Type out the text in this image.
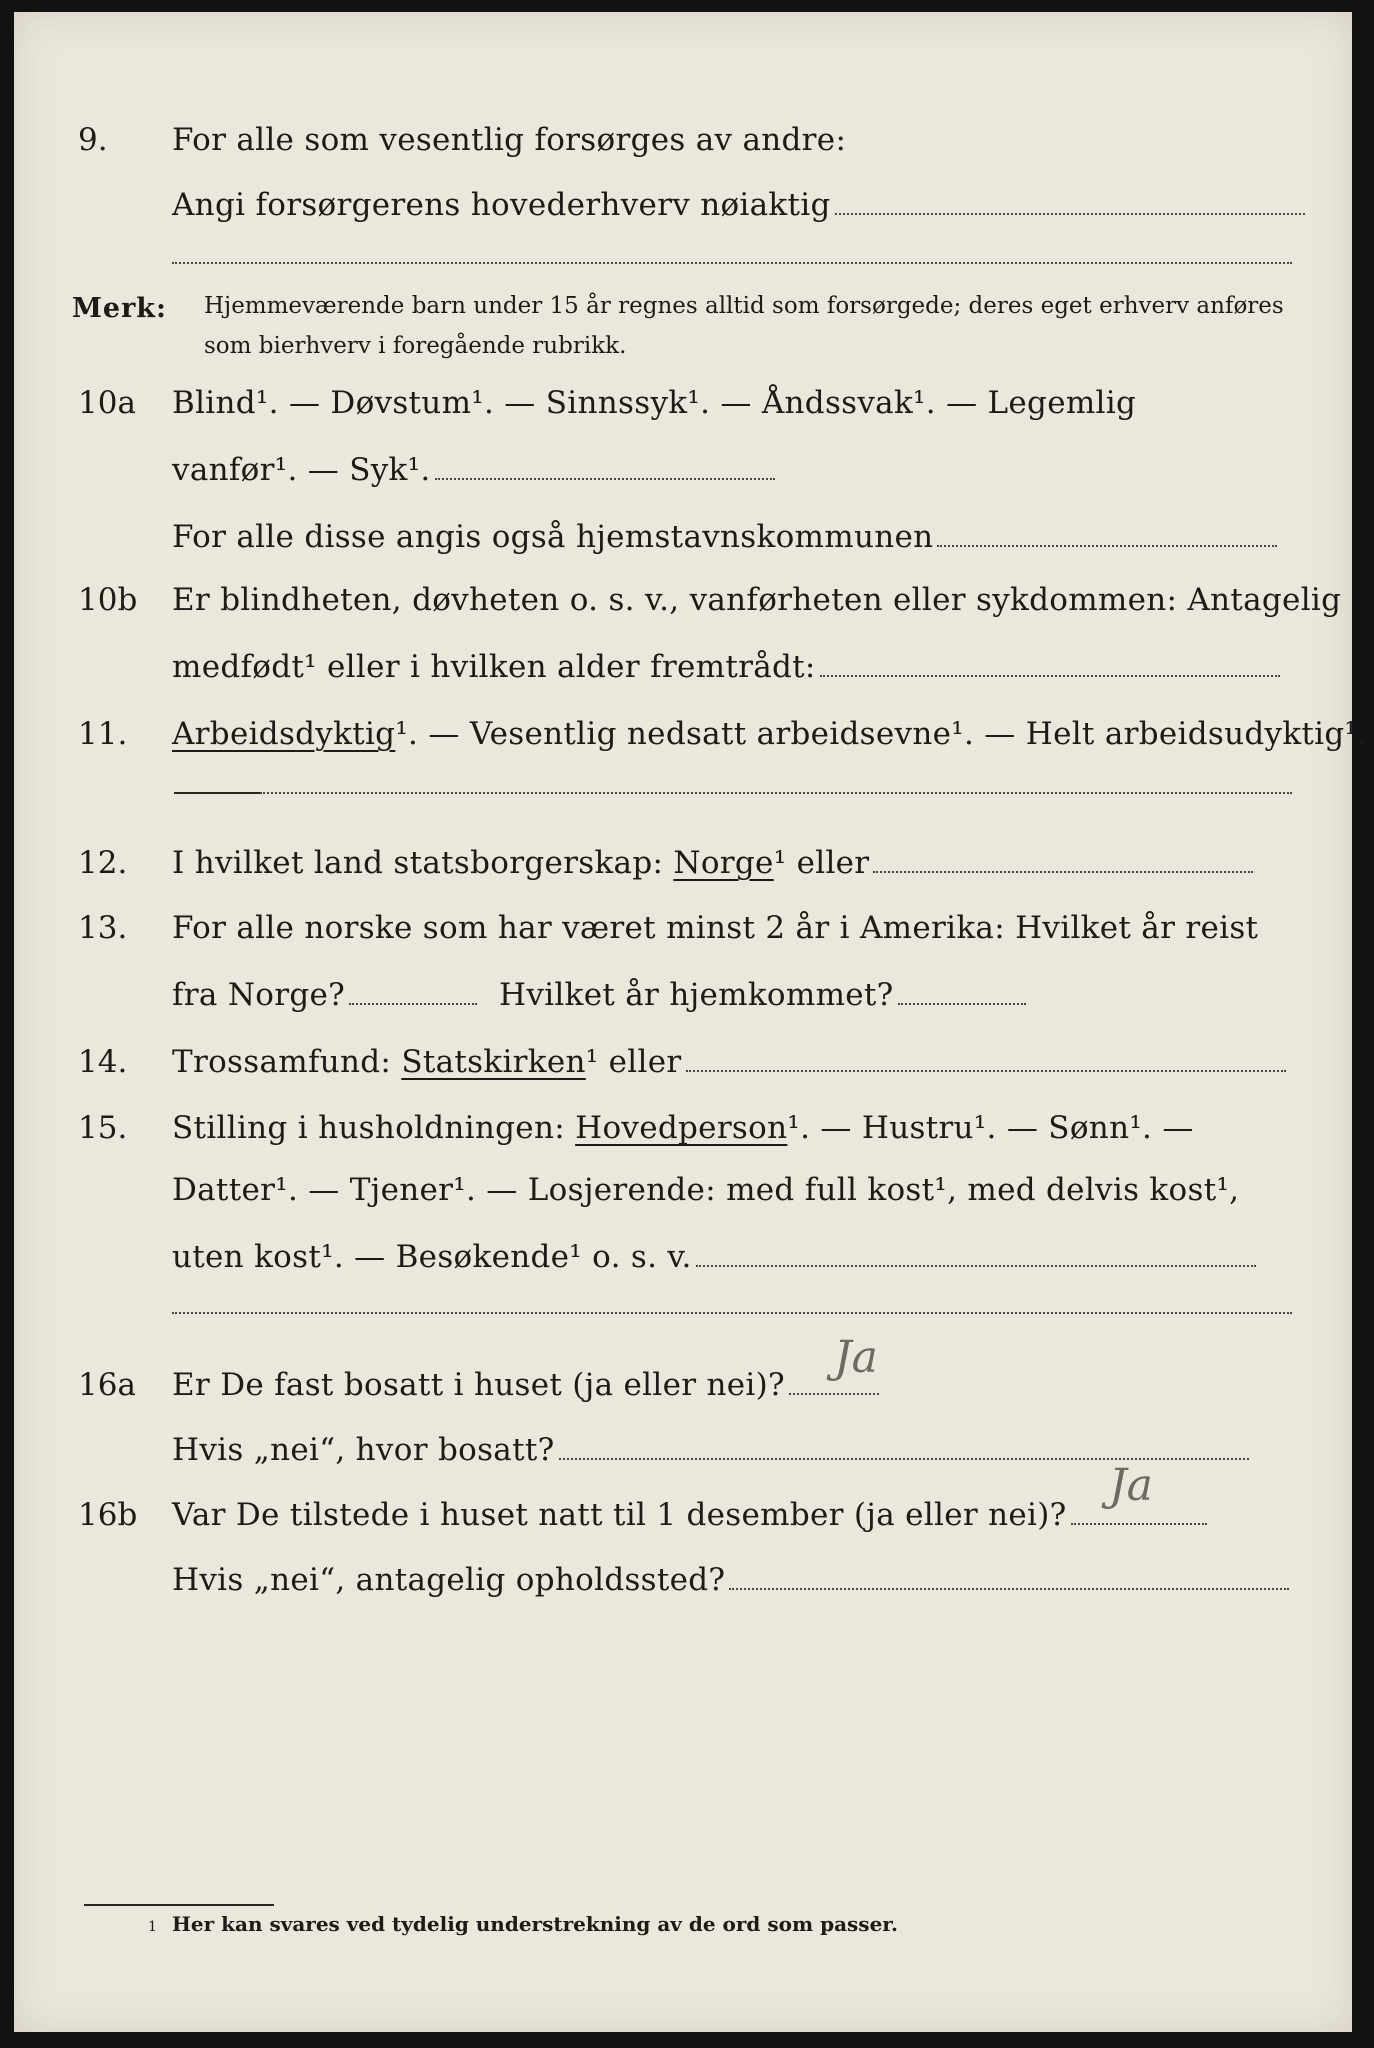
9. For alle som vesentlig forsørges av andre:
Angi forsørgerens hovederhverv nøiaktig
Merk: Hjemmeværende barn under 15 år regnes alltid som forsørgede; deres eget erhverv anføres som bierhverv i foregående rubrikk.
10a Blind¹. — Døvstum¹. — Sinnssyk¹. — Åndssvak¹. — Legemlig
vanfør¹. — Syk¹.
For alle disse angis også hjemstavnskommunen
10b Er blindheten, døvheten o. s. v., vanførheten eller sykdommen: Antagelig
medfødt¹ eller i hvilken alder fremtrådt:
11. Arbeidsdyktig¹. — Vesentlig nedsatt arbeidsevne¹. — Helt arbeidsudyktig¹.
12. I hvilket land statsborgerskap: Norge¹ eller
13. For alle norske som har været minst 2 år i Amerika: Hvilket år reist
fra Norge?	Hvilket år hjemkommet?
14. Trossamfund: Statskirken¹ eller
15. Stilling i husholdningen: Hovedperson¹. — Hustru¹. — Sønn¹. —
Datter¹. — Tjener¹. — Losjerende: med full kost¹, med delvis kost¹,
uten kost¹. — Besøkende¹ o. s. v.
16a Er De fast bosatt i huset (ja eller nei)?
Ja
Hvis „nei“, hvor bosatt?
16b Var De tilstede i huset natt til 1 desember (ja eller nei)?
Ja
Hvis „nei“, antagelig opholdssted?
1 Her kan svares ved tydelig understrekning av de ord som passer.
